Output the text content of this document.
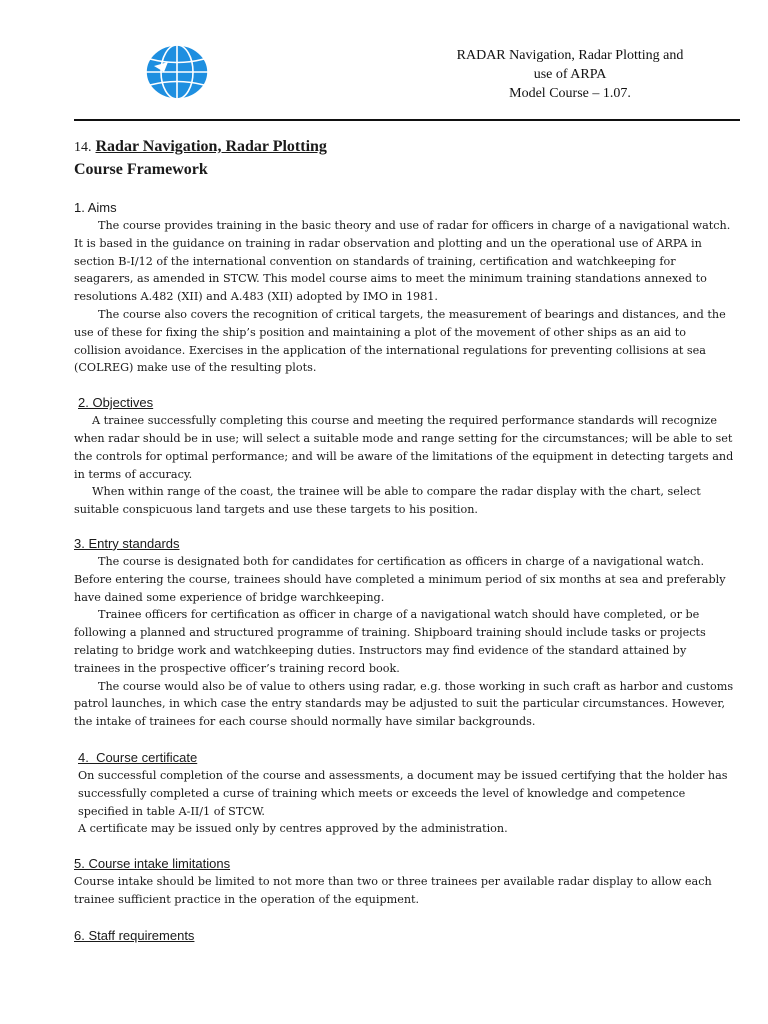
RADAR Navigation, Radar Plotting and
use of ARPA
Model Course – 1.07.
14. Radar Navigation, Radar Plotting
Course Framework
1. Aims

The course provides training in the basic theory and use of radar for officers in charge of a navigational watch. It is based in the guidance on training in radar observation and plotting and un the operational use of ARPA in section B-I/12 of the international convention on standards of training, certification and watchkeeping for seagarers, as amended in STCW. This model course aims to meet the minimum training standations annexed to resolutions A.482 (XII) and A.483 (XII) adopted by IMO in 1981.

The course also covers the recognition of critical targets, the measurement of bearings and distances, and the use of these for fixing the ship’s position and maintaining a plot of the movement of other ships as an aid to collision avoidance. Exercises in the application of the international regulations for preventing collisions at sea (COLREG) make use of the resulting plots.

2. Objectives

A trainee successfully completing this course and meeting the required performance standards will recognize when radar should be in use; will select a suitable mode and range setting for the circumstances; will be able to set the controls for optimal performance; and will be aware of the limitations of the equipment in detecting targets and in terms of accuracy.

When within range of the coast, the trainee will be able to compare the radar display with the chart, select suitable conspicuous land targets and use these targets to his position.

3. Entry standards

The course is designated both for candidates for certification as officers in charge of a navigational watch. Before entering the course, trainees should have completed a minimum period of six months at sea and preferably have dained some experience of bridge warchkeeping.

Trainee officers for certification as officer in charge of a navigational watch should have completed, or be following a planned and structured programme of training. Shipboard training should include tasks or projects relating to bridge work and watchkeeping duties. Instructors may find evidence of the standard attained by trainees in the prospective officer’s training record book.

The course would also be of value to others using radar, e.g. those working in such craft as harbor and customs patrol launches, in which case the entry standards may be adjusted to suit the particular circumstances. However, the intake of trainees for each course should normally have similar backgrounds.

4.  Course certificate

On successful completion of the course and assessments, a document may be issued certifying that the holder has successfully completed a curse of training which meets or exceeds the level of knowledge and competence specified in table A-II/1 of STCW.

A certificate may be issued only by centres approved by the administration.

5. Course intake limitations

Course intake should be limited to not more than two or three trainees per available radar display to allow each trainee sufficient practice in the operation of the equipment.

6. Staff requirements
